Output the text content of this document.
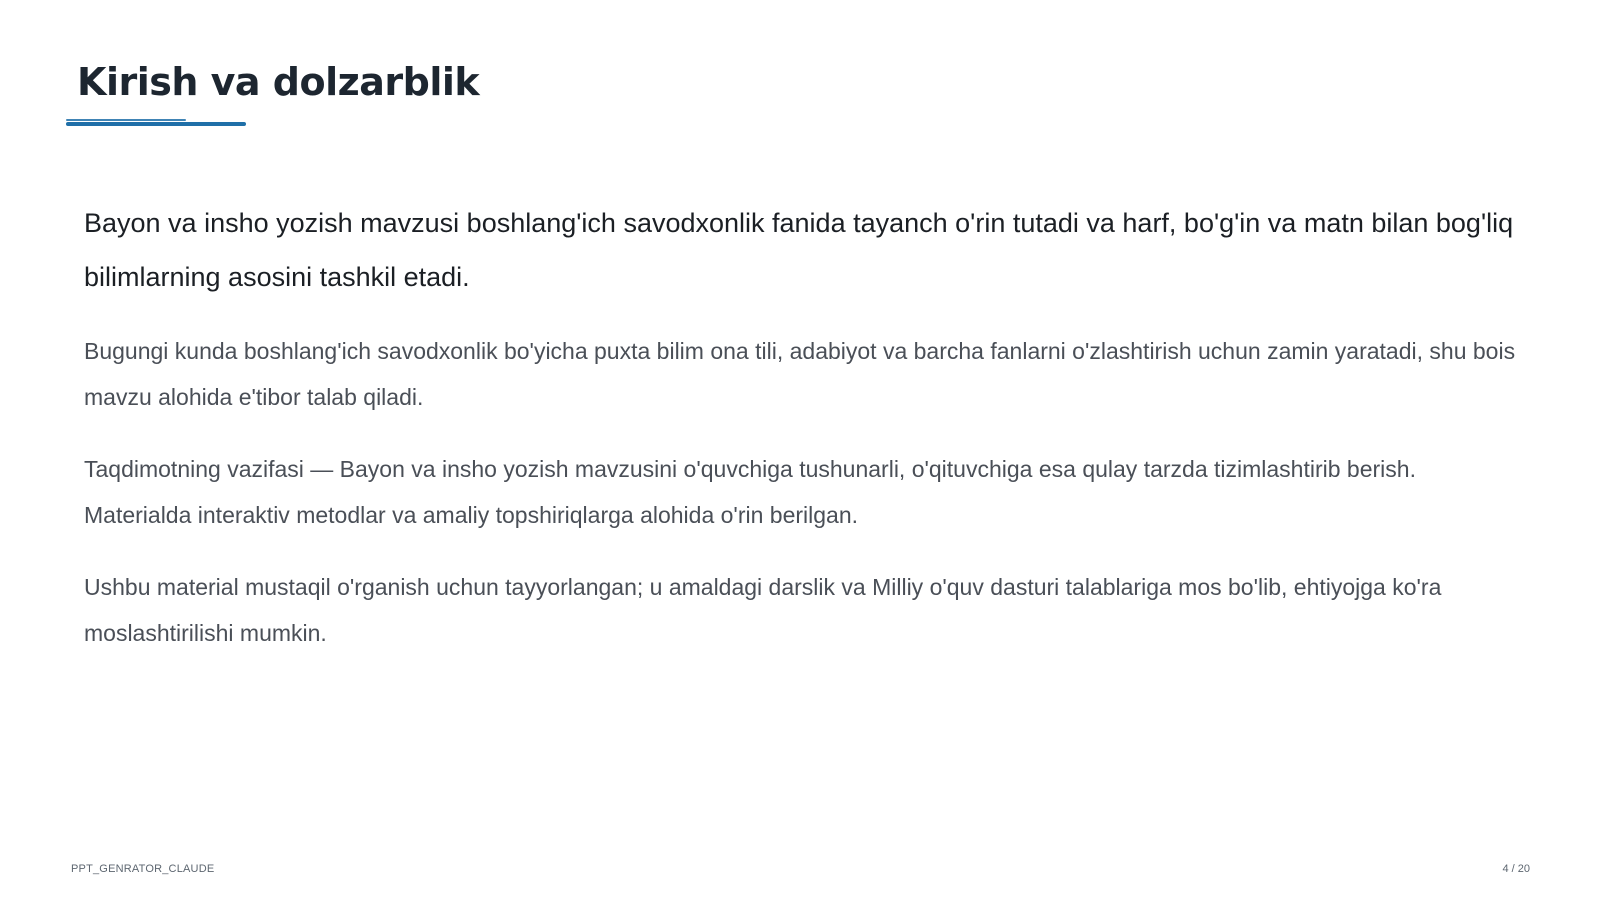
Kirish va dolzarblik

Bayon va insho yozish mavzusi boshlang'ich savodxonlik fanida tayanch o'rin tutadi va harf, bo'g'in va matn bilan bog'liq bilimlarning asosini tashkil etadi.

Bugungi kunda boshlang'ich savodxonlik bo'yicha puxta bilim ona tili, adabiyot va barcha fanlarni o'zlashtirish uchun zamin yaratadi, shu bois mavzu alohida e'tibor talab qiladi.

Taqdimotning vazifasi — Bayon va insho yozish mavzusini o'quvchiga tushunarli, o'qituvchiga esa qulay tarzda tizimlashtirib berish. Materialda interaktiv metodlar va amaliy topshiriqlarga alohida o'rin berilgan.

Ushbu material mustaqil o'rganish uchun tayyorlangan; u amaldagi darslik va Milliy o'quv dasturi talablariga mos bo'lib, ehtiyojga ko'ra moslashtirilishi mumkin.

PPT_GENRATOR_CLAUDE	4 / 20
